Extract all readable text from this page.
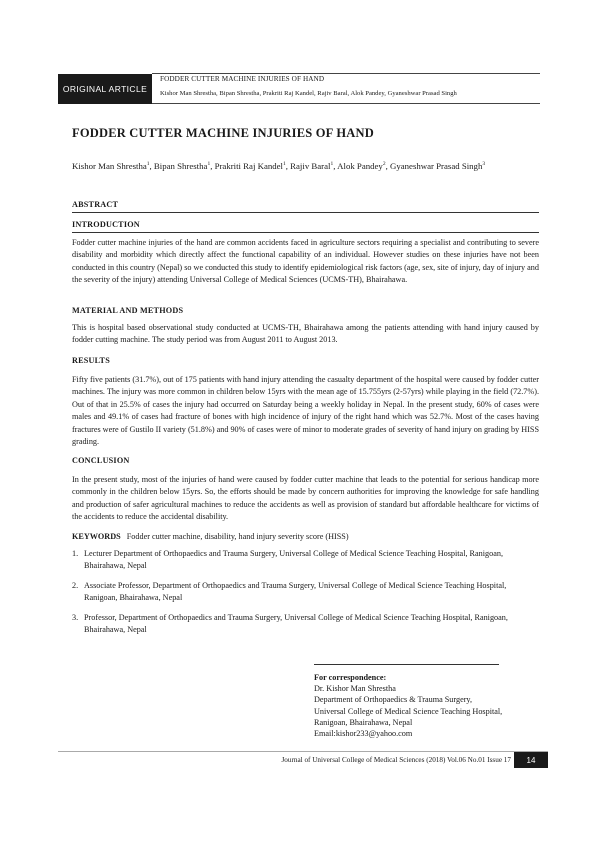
ORIGINAL ARTICLE
FODDER CUTTER MACHINE INJURIES OF HAND
Kishor Man Shrestha, Bipan Shrestha, Prakriti Raj Kandel, Rajiv Baral, Alok Pandey, Gyaneshwar Prasad Singh
FODDER CUTTER MACHINE INJURIES OF HAND
Kishor Man Shrestha$^1$, Bipan Shrestha$^1$, Prakriti Raj Kandel$^1$, Rajiv Baral$^1$, Alok Pandey$^2$, Gyaneshwar Prasad Singh$^3$
ABSTRACT
INTRODUCTION
Fodder cutter machine injuries of the hand are common accidents faced in agriculture sectors requiring a specialist and contributing to severe disability and morbidity which directly affect the functional capability of an individual. However studies on these injuries have not been conducted in this country (Nepal) so we conducted this study to identify epidemiological risk factors (age, sex, site of injury, day of injury and the severity of the injury) attending Universal College of Medical Sciences (UCMS-TH), Bhairahawa.
MATERIAL AND METHODS
This is hospital based observational study conducted at UCMS-TH, Bhairahawa among the patients attending with hand injury caused by fodder cutting machine. The study period was from August 2011 to August 2013.
RESULTS
Fifty five patients (31.7%), out of 175 patients with hand injury attending the casualty department of the hospital were caused by fodder cutter machines. The injury was more common in children below 15yrs with the mean age of 15.755yrs (2-57yrs) while playing in the field (72.7%). Out of that in 25.5% of cases the injury had occurred on Saturday being a weekly holiday in Nepal. In the present study, 60% of cases were males and 49.1% of cases had fracture of bones with high incidence of injury of the right hand which was 52.7%. Most of the cases having fractures were of Gustilo II variety (51.8%) and 90% of cases were of minor to moderate grades of severity of hand injury on grading by HISS grading.
CONCLUSION
In the present study, most of the injuries of hand were caused by fodder cutter machine that leads to the potential for serious handicap more commonly in the children below 15yrs. So, the efforts should be made by concern authorities for improving the knowledge for safe handling and production of safer agricultural machines to reduce the accidents as well as provision of standard but affordable healthcare for victims of the accidents to reduce the accidental disability.
KEYWORDS Fodder cutter machine, disability, hand injury severity score (HISS)
1. Lecturer Department of Orthopaedics and Trauma Surgery, Universal College of Medical Science Teaching Hospital, Ranigoan, Bhairahawa, Nepal
2. Associate Professor, Department of Orthopaedics and Trauma Surgery, Universal College of Medical Science Teaching Hospital, Ranigoan, Bhairahawa, Nepal
3. Professor, Department of Orthopaedics and Trauma Surgery, Universal College of Medical Science Teaching Hospital, Ranigoan, Bhairahawa, Nepal
For correspondence:
Dr. Kishor Man Shrestha
Department of Orthopaedics & Trauma Surgery,
Universal College of Medical Science Teaching Hospital,
Ranigoan, Bhairahawa, Nepal
Email:kishor233@yahoo.com
Journal of Universal College of Medical Sciences (2018) Vol.06 No.01 Issue 17 14
